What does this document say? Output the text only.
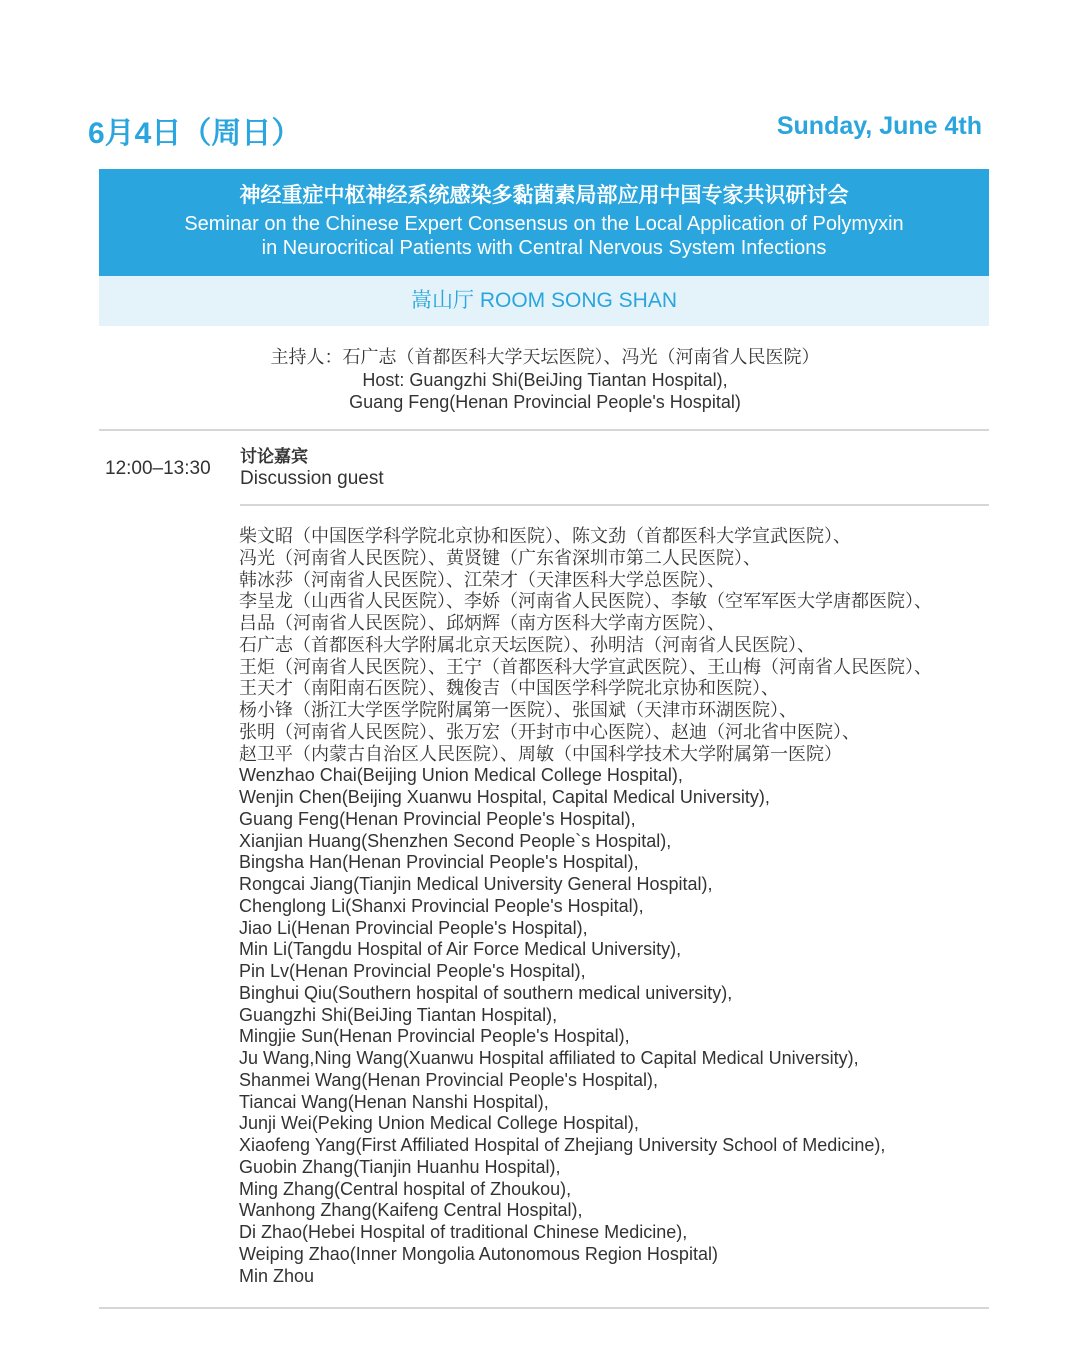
6月4日（周日）	Sunday, June 4th
神经重症中枢神经系统感染多黏菌素局部应用中国专家共识研讨会
Seminar on the Chinese Expert Consensus on the Local Application of Polymyxin
in Neurocritical Patients with Central Nervous System Infections
嵩山厅 ROOM SONG SHAN
主持人：石广志（首都医科大学天坛医院）、冯光（河南省人民医院）
Host: Guangzhi Shi(BeiJing Tiantan Hospital),
Guang Feng(Henan Provincial People's Hospital)
12:00–13:30
讨论嘉宾
Discussion guest
柴文昭（中国医学科学院北京协和医院）、陈文劲（首都医科大学宣武医院）、
冯光（河南省人民医院）、黄贤键（广东省深圳市第二人民医院）、
韩冰莎（河南省人民医院）、江荣才（天津医科大学总医院）、
李呈龙（山西省人民医院）、李娇（河南省人民医院）、李敏（空军军医大学唐都医院）、
吕品（河南省人民医院）、邱炳辉（南方医科大学南方医院）、
石广志（首都医科大学附属北京天坛医院）、孙明洁（河南省人民医院）、
王炬（河南省人民医院）、王宁（首都医科大学宣武医院）、王山梅（河南省人民医院）、
王天才（南阳南石医院）、魏俊吉（中国医学科学院北京协和医院）、
杨小锋（浙江大学医学院附属第一医院）、张国斌（天津市环湖医院）、
张明（河南省人民医院）、张万宏（开封市中心医院）、赵迪（河北省中医院）、
赵卫平（内蒙古自治区人民医院）、周敏（中国科学技术大学附属第一医院）
Wenzhao Chai(Beijing Union Medical College Hospital),
Wenjin Chen(Beijing Xuanwu Hospital, Capital Medical University),
Guang Feng(Henan Provincial People's Hospital),
Xianjian Huang(Shenzhen Second People`s Hospital),
Bingsha Han(Henan Provincial People's Hospital),
Rongcai Jiang(Tianjin Medical University General Hospital),
Chenglong Li(Shanxi Provincial People's Hospital),
Jiao Li(Henan Provincial People's Hospital),
Min Li(Tangdu Hospital of Air Force Medical University),
Pin Lv(Henan Provincial People's Hospital),
Binghui Qiu(Southern hospital of southern medical university),
Guangzhi Shi(BeiJing Tiantan Hospital),
Mingjie Sun(Henan Provincial People's Hospital),
Ju Wang,Ning Wang(Xuanwu Hospital affiliated to Capital Medical University),
Shanmei Wang(Henan Provincial People's Hospital),
Tiancai Wang(Henan Nanshi Hospital),
Junji Wei(Peking Union Medical College Hospital),
Xiaofeng Yang(First Affiliated Hospital of Zhejiang University School of Medicine),
Guobin Zhang(Tianjin Huanhu Hospital),
Ming Zhang(Central hospital of Zhoukou),
Wanhong Zhang(Kaifeng Central Hospital),
Di Zhao(Hebei Hospital of traditional Chinese Medicine),
Weiping Zhao(Inner Mongolia Autonomous Region Hospital)
Min Zhou
